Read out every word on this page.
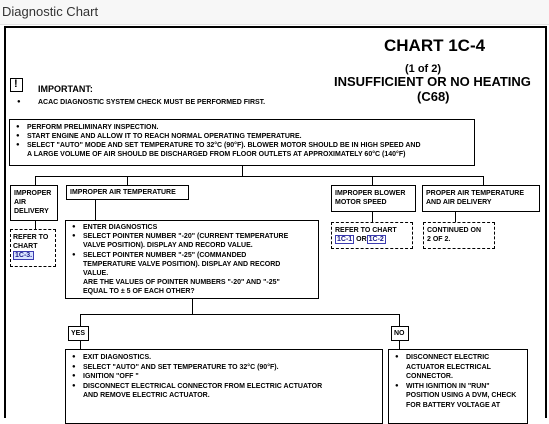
Diagnostic Chart
CHART 1C-4
(1 of 2)
INSUFFICIENT OR NO HEATING
(C68)
! IMPORTANT:
● ACAC DIAGNOSTIC SYSTEM CHECK MUST BE PERFORMED FIRST.
● PERFORM PRELIMINARY INSPECTION.
● START ENGINE AND ALLOW IT TO REACH NORMAL OPERATING TEMPERATURE.
● SELECT "AUTO" MODE AND SET TEMPERATURE TO 32°C (90°F). BLOWER MOTOR SHOULD BE IN HIGH SPEED AND
A LARGE VOLUME OF AIR SHOULD BE DISCHARGED FROM FLOOR OUTLETS AT APPROXIMATELY 60°C (140°F)
IMPROPER
AIR
DELIVERY
IMPROPER AIR TEMPERATURE	IMPROPER BLOWER
MOTOR SPEED
PROPER AIR TEMPERATURE
AND AIR DELIVERY
REFER TO
CHART
1C-3.
REFER TO CHART
1C-1 OR 1C-2
CONTINUED ON
2 OF 2.
● ENTER DIAGNOSTICS
● SELECT POINTER NUMBER "-20" (CURRENT TEMPERATURE
VALVE POSITION). DISPLAY AND RECORD VALUE.
● SELECT POINTER NUMBER "-25" (COMMANDED
TEMPERATURE VALVE POSITION). DISPLAY AND RECORD
VALUE.
ARE THE VALUES OF POINTER NUMBERS "-20" AND "-25"
EQUAL TO ± 5 OF EACH OTHER?
YES	NO
● EXIT DIAGNOSTICS.
● SELECT "AUTO" AND SET TEMPERATURE TO 32°C (90°F).
● IGNITION "OFF "
● DISCONNECT ELECTRICAL CONNECTOR FROM ELECTRIC ACTUATOR
AND REMOVE ELECTRIC ACTUATOR.
● DISCONNECT ELECTRIC
ACTUATOR ELECTRICAL
CONNECTOR.
● WITH IGNITION IN "RUN"
POSITION USING A DVM, CHECK
FOR BATTERY VOLTAGE AT
